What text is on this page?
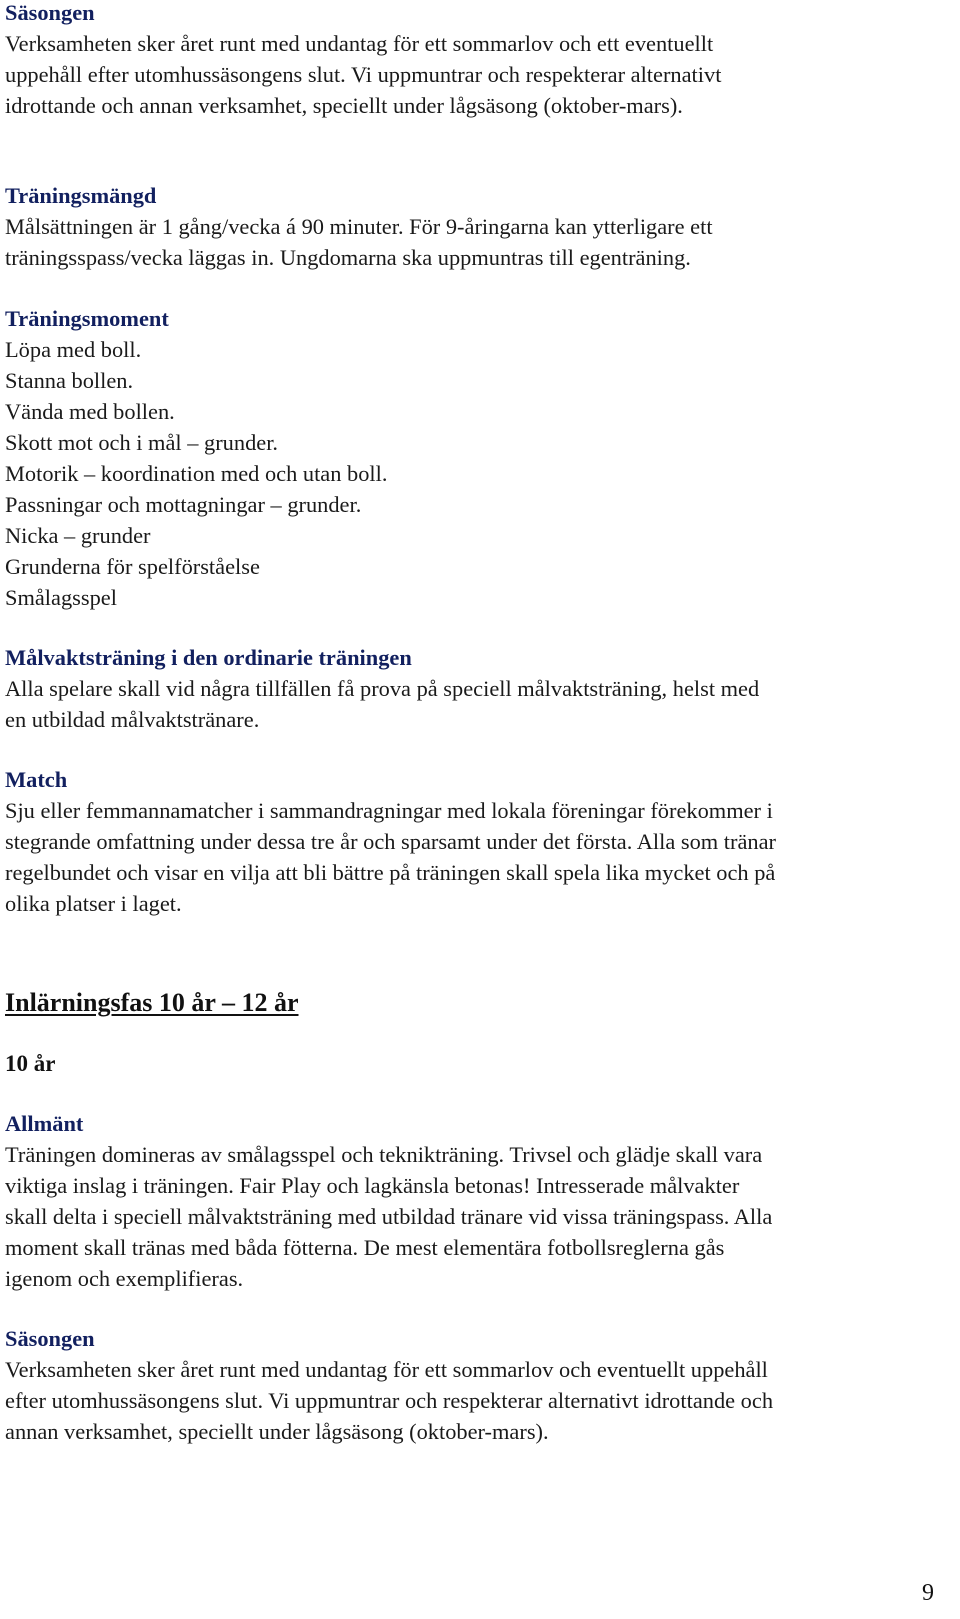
Säsongen
Verksamheten sker året runt med undantag för ett sommarlov och ett eventuellt
uppehåll efter utomhussäsongens slut. Vi uppmuntrar och respekterar alternativt
idrottande och annan verksamhet, speciellt under lågsäsong (oktober-mars).
Träningsmängd
Målsättningen är 1 gång/vecka á 90 minuter. För 9-åringarna kan ytterligare ett
träningsspass/vecka läggas in. Ungdomarna ska uppmuntras till egenträning.
Träningsmoment
Löpa med boll.
Stanna bollen.
Vända med bollen.
Skott mot och i mål – grunder.
Motorik – koordination med och utan boll.
Passningar och mottagningar – grunder.
Nicka – grunder
Grunderna för spelförståelse
Smålagsspel
Målvaktsträning i den ordinarie träningen
Alla spelare skall vid några tillfällen få prova på speciell målvaktsträning, helst med
en utbildad målvaktstränare.
Match
Sju eller femmannamatcher i sammandragningar med lokala föreningar förekommer i
stegrande omfattning under dessa tre år och sparsamt under det första. Alla som tränar
regelbundet och visar en vilja att bli bättre på träningen skall spela lika mycket och på
olika platser i laget.
Inlärningsfas 10 år – 12 år
10 år
Allmänt
Träningen domineras av smålagsspel och teknikträning. Trivsel och glädje skall vara
viktiga inslag i träningen. Fair Play och lagkänsla betonas! Intresserade målvakter
skall delta i speciell målvaktsträning med utbildad tränare vid vissa träningspass. Alla
moment skall tränas med båda fötterna. De mest elementära fotbollsreglerna gås
igenom och exemplifieras.
Säsongen
Verksamheten sker året runt med undantag för ett sommarlov och eventuellt uppehåll
efter utomhussäsongens slut. Vi uppmuntrar och respekterar alternativt idrottande och
annan verksamhet, speciellt under lågsäsong (oktober-mars).
9
